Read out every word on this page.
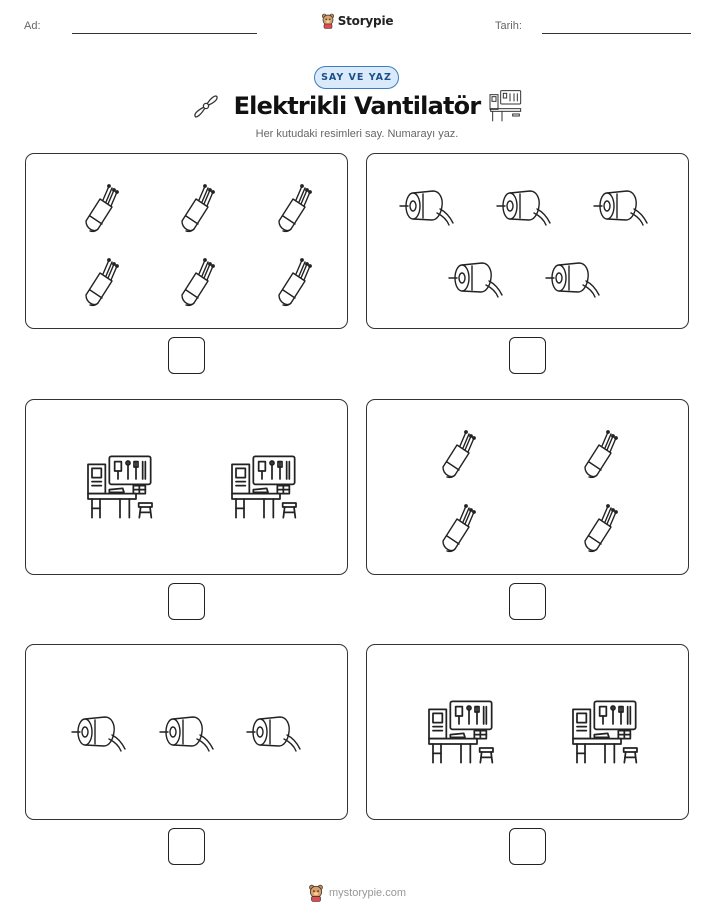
Ad:	Storypie	Tarih:
SAY VE YAZ
Elektrikli Vantilatör
Her kutudaki resimleri say. Numarayı yaz.
mystorypie.com
